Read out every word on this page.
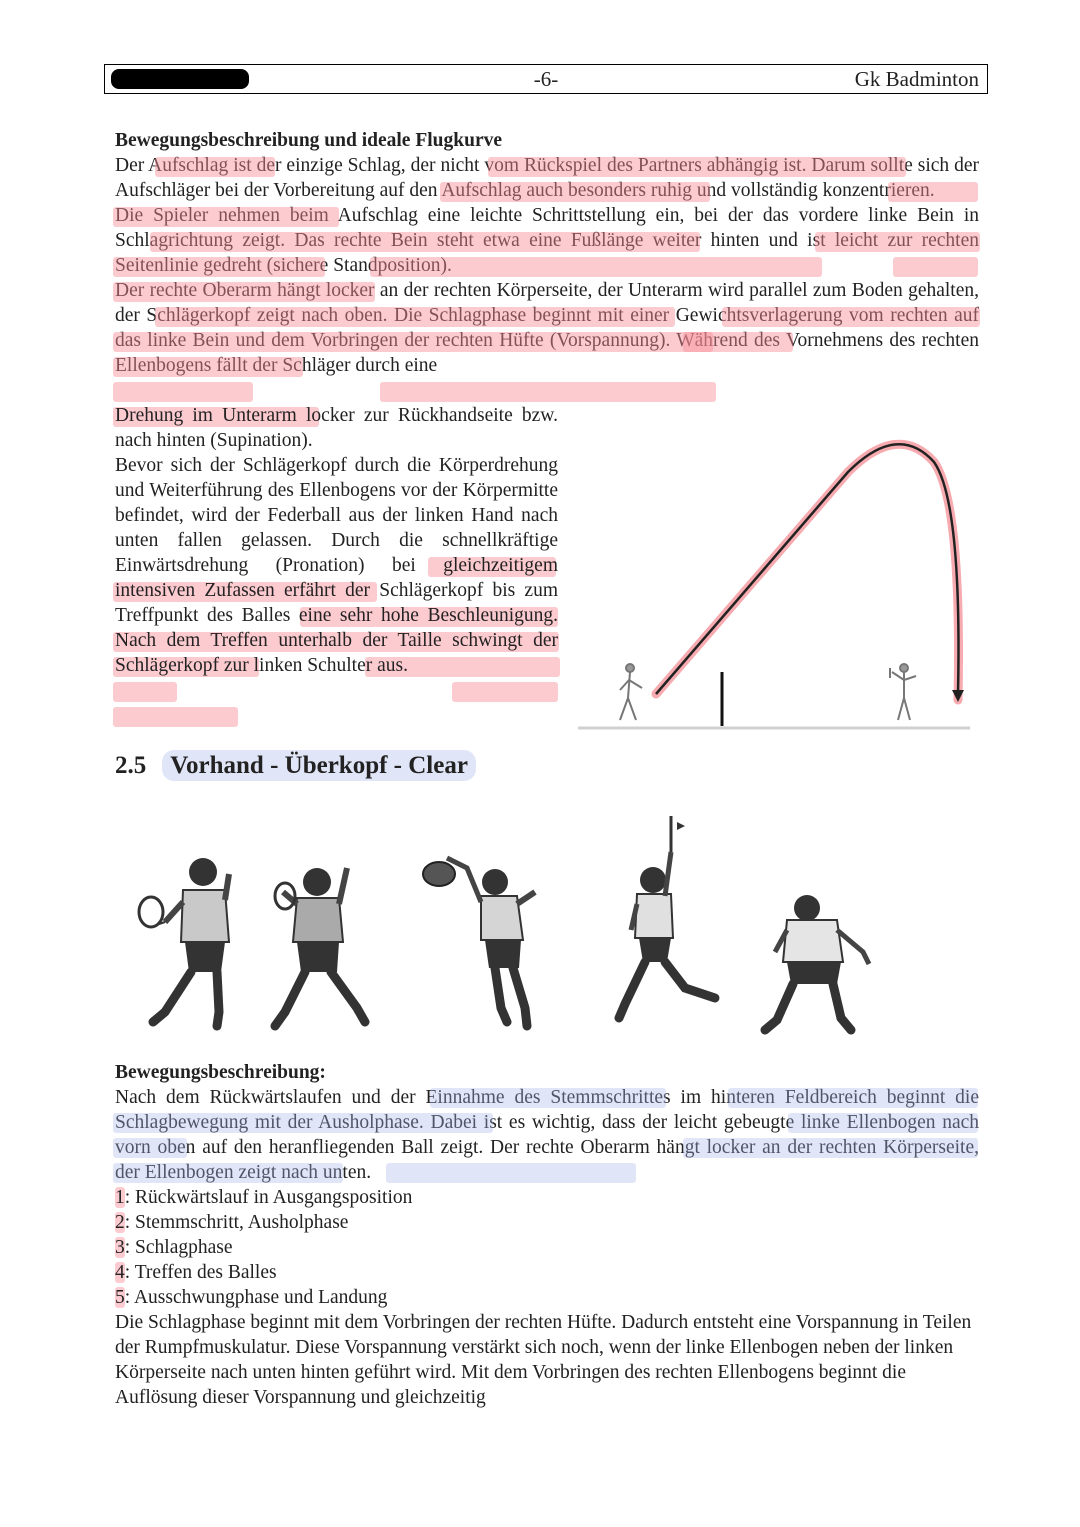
-6-	Gk Badminton

Bewegungsbeschreibung und ideale Flugkurve

Der Aufschlag ist der einzige Schlag, der nicht vom Rückspiel des Partners abhängig ist. Darum sollte sich der Aufschläger bei der Vorbereitung auf den Aufschlag auch besonders ruhig und vollständig konzentrieren.

Die Spieler nehmen beim Aufschlag eine leichte Schrittstellung ein, bei der das vordere linke Bein in Schlagrichtung zeigt. Das rechte Bein steht etwa eine Fußlänge weiter hinten und ist leicht zur rechten Seitenlinie gedreht (sichere Standposition).

Der rechte Oberarm hängt locker an der rechten Körperseite, der Unterarm wird parallel zum Boden gehalten, der Schlägerkopf zeigt nach oben. Die Schlagphase beginnt mit einer Gewichtsverlagerung vom rechten auf das linke Bein und dem Vorbringen der rechten Hüfte (Vorspannung). Während des Vornehmens des rechten Ellenbogens fällt der Schläger durch eine

Drehung im Unterarm locker zur Rückhandseite bzw. nach hinten (Supination).

Bevor sich der Schlägerkopf durch die Körperdrehung und Weiterführung des Ellenbogens vor der Körpermitte befindet, wird der Federball aus der linken Hand nach unten fallen gelassen. Durch die schnellkräftige Einwärtsdrehung (Pronation) bei gleichzeitigem intensiven Zufassen erfährt der Schlägerkopf bis zum Treffpunkt des Balles eine sehr hohe Beschleunigung. Nach dem Treffen unterhalb der Taille schwingt der Schlägerkopf zur linken Schulter aus.

2.5 Vorhand - Überkopf - Clear

Bewegungsbeschreibung:

Nach dem Rückwärtslaufen und der Einnahme des Stemmschrittes im hinteren Feldbereich beginnt die Schlagbewegung mit der Ausholphase. Dabei ist es wichtig, dass der leicht gebeugte linke Ellenbogen nach vorn oben auf den heranfliegenden Ball zeigt. Der rechte Oberarm hängt locker an der rechten Körperseite, der Ellenbogen zeigt nach unten.

1: Rückwärtslauf in Ausgangsposition

2: Stemmschritt, Ausholphase

3: Schlagphase

4: Treffen des Balles

5: Ausschwungphase und Landung

Die Schlagphase beginnt mit dem Vorbringen der rechten Hüfte. Dadurch entsteht eine Vorspannung in Teilen der Rumpfmuskulatur. Diese Vorspannung verstärkt sich noch, wenn der linke Ellenbogen neben der linken Körperseite nach unten hinten geführt wird. Mit dem Vorbringen des rechten Ellenbogens beginnt die Auflösung dieser Vorspannung und gleichzeitig
